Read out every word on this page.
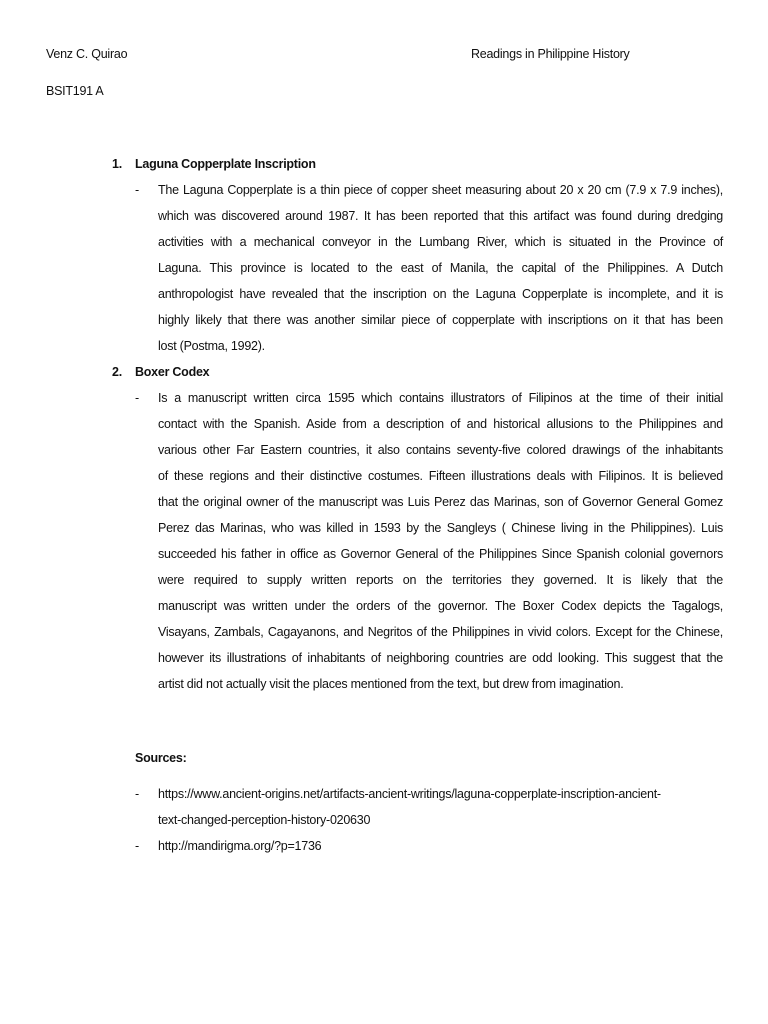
Venz C. Quirao	Readings in Philippine History
BSIT191 A
1. Laguna Copperplate Inscription
- The Laguna Copperplate is a thin piece of copper sheet measuring about 20 x 20 cm (7.9 x 7.9 inches),
which was discovered around 1987. It has been reported that this artifact was found during dredging
activities with a mechanical conveyor in the Lumbang River, which is situated in the Province of
Laguna. This province is located to the east of Manila, the capital of the Philippines. A Dutch
anthropologist have revealed that the inscription on the Laguna Copperplate is incomplete, and it is
highly likely that there was another similar piece of copperplate with inscriptions on it that has been
lost (Postma, 1992).
2. Boxer Codex
- Is a manuscript written circa 1595 which contains illustrators of Filipinos at the time of their initial
contact with the Spanish. Aside from a description of and historical allusions to the Philippines and
various other Far Eastern countries, it also contains seventy-five colored drawings of the inhabitants
of these regions and their distinctive costumes. Fifteen illustrations deals with Filipinos. It is believed
that the original owner of the manuscript was Luis Perez das Marinas, son of Governor General Gomez
Perez das Marinas, who was killed in 1593 by the Sangleys ( Chinese living in the Philippines). Luis
succeeded his father in office as Governor General of the Philippines Since Spanish colonial governors
were required to supply written reports on the territories they governed. It is likely that the
manuscript was written under the orders of the governor. The Boxer Codex depicts the Tagalogs,
Visayans, Zambals, Cagayanons, and Negritos of the Philippines in vivid colors. Except for the Chinese,
however its illustrations of inhabitants of neighboring countries are odd looking. This suggest that the
artist did not actually visit the places mentioned from the text, but drew from imagination.
Sources:
- https://www.ancient-origins.net/artifacts-ancient-writings/laguna-copperplate-inscription-ancient-
text-changed-perception-history-020630
- http://mandirigma.org/?p=1736
